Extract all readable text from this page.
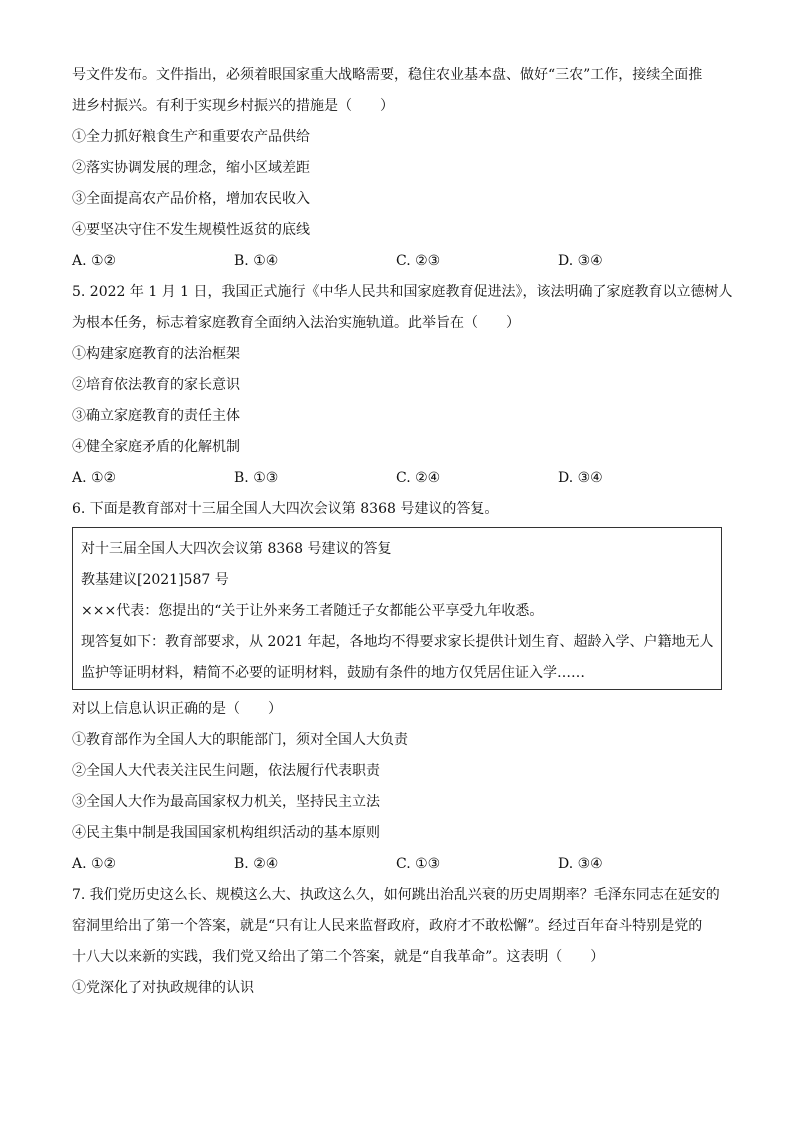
号文件发布。文件指出，必须着眼国家重大战略需要，稳住农业基本盘、做好“三农”工作，接续全面推
进乡村振兴。有利于实现乡村振兴的措施是（　　）
①全力抓好粮食生产和重要农产品供给
②落实协调发展的理念，缩小区域差距
③全面提高农产品价格，增加农民收入
④要坚决守住不发生规模性返贫的底线
A. ①②	B. ①④	C. ②③	D. ③④
5. 2022 年 1 月 1 日，我国正式施行《中华人民共和国家庭教育促进法》，该法明确了家庭教育以立德树人
为根本任务，标志着家庭教育全面纳入法治实施轨道。此举旨在（　　）
①构建家庭教育的法治框架
②培育依法教育的家长意识
③确立家庭教育的责任主体
④健全家庭矛盾的化解机制
A. ①②	B. ①③	C. ②④	D. ③④
6. 下面是教育部对十三届全国人大四次会议第 8368 号建议的答复。
对十三届全国人大四次会议第 8368 号建议的答复
教基建议[2021]587 号
×××代表：您提出的“关于让外来务工者随迁子女都能公平享受九年收悉。
现答复如下：教育部要求，从 2021 年起，各地均不得要求家长提供计划生育、超龄入学、户籍地无人
监护等证明材料，精简不必要的证明材料，鼓励有条件的地方仅凭居住证入学……
对以上信息认识正确的是（　　）
①教育部作为全国人大的职能部门，须对全国人大负责
②全国人大代表关注民生问题，依法履行代表职责
③全国人大作为最高国家权力机关，坚持民主立法
④民主集中制是我国国家机构组织活动的基本原则
A. ①②	B. ②④	C. ①③	D. ③④
7. 我们党历史这么长、规模这么大、执政这么久，如何跳出治乱兴衰的历史周期率？毛泽东同志在延安的
窑洞里给出了第一个答案，就是“只有让人民来监督政府，政府才不敢松懈”。经过百年奋斗特别是党的
十八大以来新的实践，我们党又给出了第二个答案，就是“自我革命”。这表明（　　）
①党深化了对执政规律的认识
